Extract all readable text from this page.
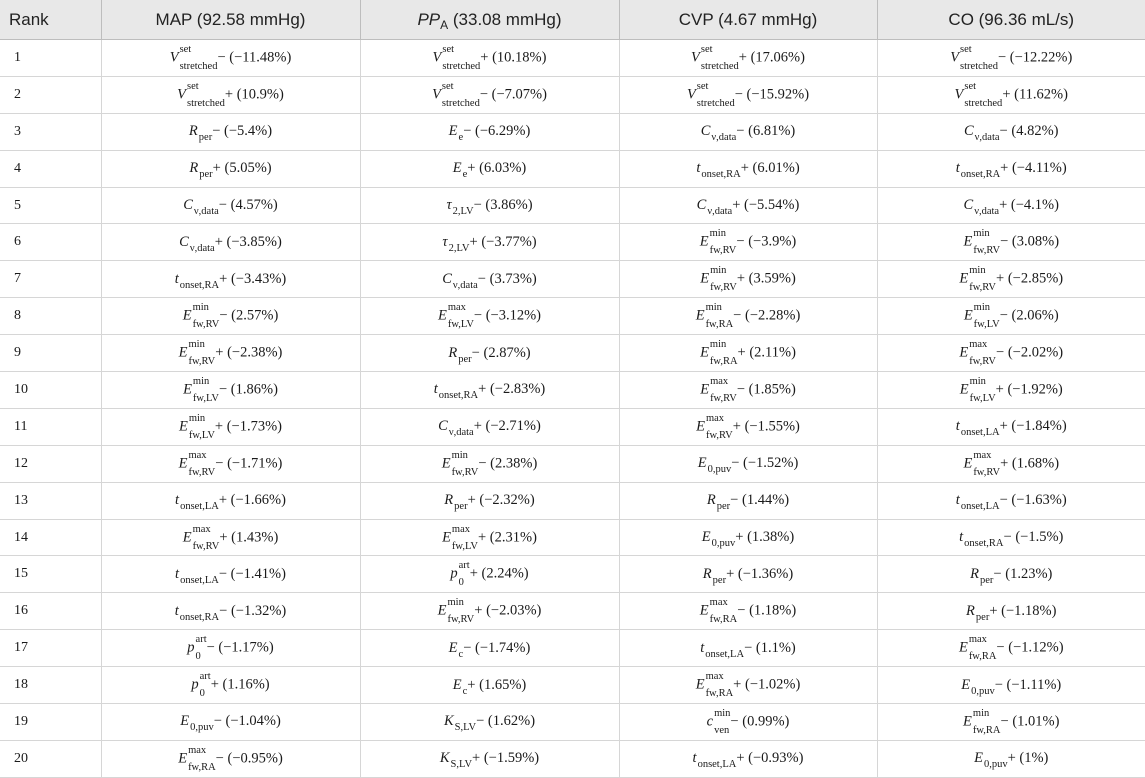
Rank	MAP (92.58 mmHg)	$PP_A$ (33.08 mmHg)	CVP (4.67 mmHg)	CO (96.36 mL/s)
1	V set
stretched
− (−11.48%)	V set
stretched
+ (10.18%)	V set
stretched
+ (17.06%)	V set
stretched
− (−12.22%)
2	V set
stretched
+ (10.9%)	V set
stretched
− (−7.07%)	V set
stretched
− (−15.92%)	V set
stretched
+ (11.62%)
3	$R_{per}- (-5.4\%)$	$E_e- (-6.29\%)$	$C_{\nu,data}- (6.81\%)$	$C_{\nu,data}- (4.82\%)$
4	$R_{per}+ (5.05\%)$	$E_e+ (6.03\%)$	$t_{onset,RA}+ (6.01\%)$	$t_{onset,RA}+ (-4.11\%)$
5	$C_{\nu,data}- (4.57\%)$	$\tau_{2,LV}- (3.86\%)$	$C_{\nu,data}+ (-5.54\%)$	$C_{\nu,data}+ (-4.1\%)$
6	$C_{\nu,data}+ (-3.85\%)$	$\tau_{2,LV}+ (-3.77\%)$	E min
fw,RV
− (−3.9%)	E min
fw,RV
− (3.08%)
7	$t_{onset,RA}+ (-3.43\%)$	$C_{\nu,data}- (3.73\%)$	E min
fw,RV
+ (3.59%)	E min
fw,RV
+ (−2.85%)
8	E min
fw,RV
− (2.57%)	E max
fw,LV
− (−3.12%)	E min
fw,RA
− (−2.28%)	E min
fw,LV
− (2.06%)
9	E min
fw,RV
+ (−2.38%)	$R_{per}- (2.87\%)$	E min
fw,RA
+ (2.11%)	E max
fw,RV
− (−2.02%)
10	E min
fw,LV
− (1.86%)	$t_{onset,RA}+ (-2.83\%)$	E max
fw,RV
− (1.85%)	E min
fw,LV
+ (−1.92%)
11	E min
fw,LV
+ (−1.73%)	$C_{\nu,data}+ (-2.71\%)$	E max
fw,RV
+ (−1.55%)	$t_{onset,LA}+ (-1.84\%)$
12	E max
fw,RV
− (−1.71%)	E min
fw,RV
− (2.38%)	$E_{0,puv}- (-1.52\%)$	E max
fw,RV
+ (1.68%)
13	$t_{onset,LA}+ (-1.66\%)$	$R_{per}+ (-2.32\%)$	$R_{per}- (1.44\%)$	$t_{onset,LA}- (-1.63\%)$
14	E max
fw,RV
+ (1.43%)	E max
fw,LV
+ (2.31%)	$E_{0,puv}+ (1.38\%)$	$t_{onset,RA}- (-1.5\%)$
15	$t_{onset,LA}- (-1.41\%)$	p art
0
+ (2.24%)	$R_{per}+ (-1.36\%)$	$R_{per}- (1.23\%)$
16	$t_{onset,RA}- (-1.32\%)$	E min
fw,RV
+ (−2.03%)	E max
fw,RA
− (1.18%)	$R_{per}+ (-1.18\%)$
17	p art
0
− (−1.17%)	$E_c- (-1.74\%)$	$t_{onset,LA}- (1.1\%)$	E max
fw,RA
− (−1.12%)
18	p art
0
+ (1.16%)	$E_c+ (1.65\%)$	E max
fw,RA
+ (−1.02%)	$E_{0,puv}- (-1.11\%)$
19	$E_{0,puv}- (-1.04\%)$	$K_{S,LV}- (1.62\%)$	c min
ven
− (0.99%)	E min
fw,RA
− (1.01%)
20	E max
fw,RA
− (−0.95%)	$K_{S,LV}+ (-1.59\%)$	$t_{onset,LA}+ (-0.93\%)$	$E_{0,puv}+ (1\%)$
